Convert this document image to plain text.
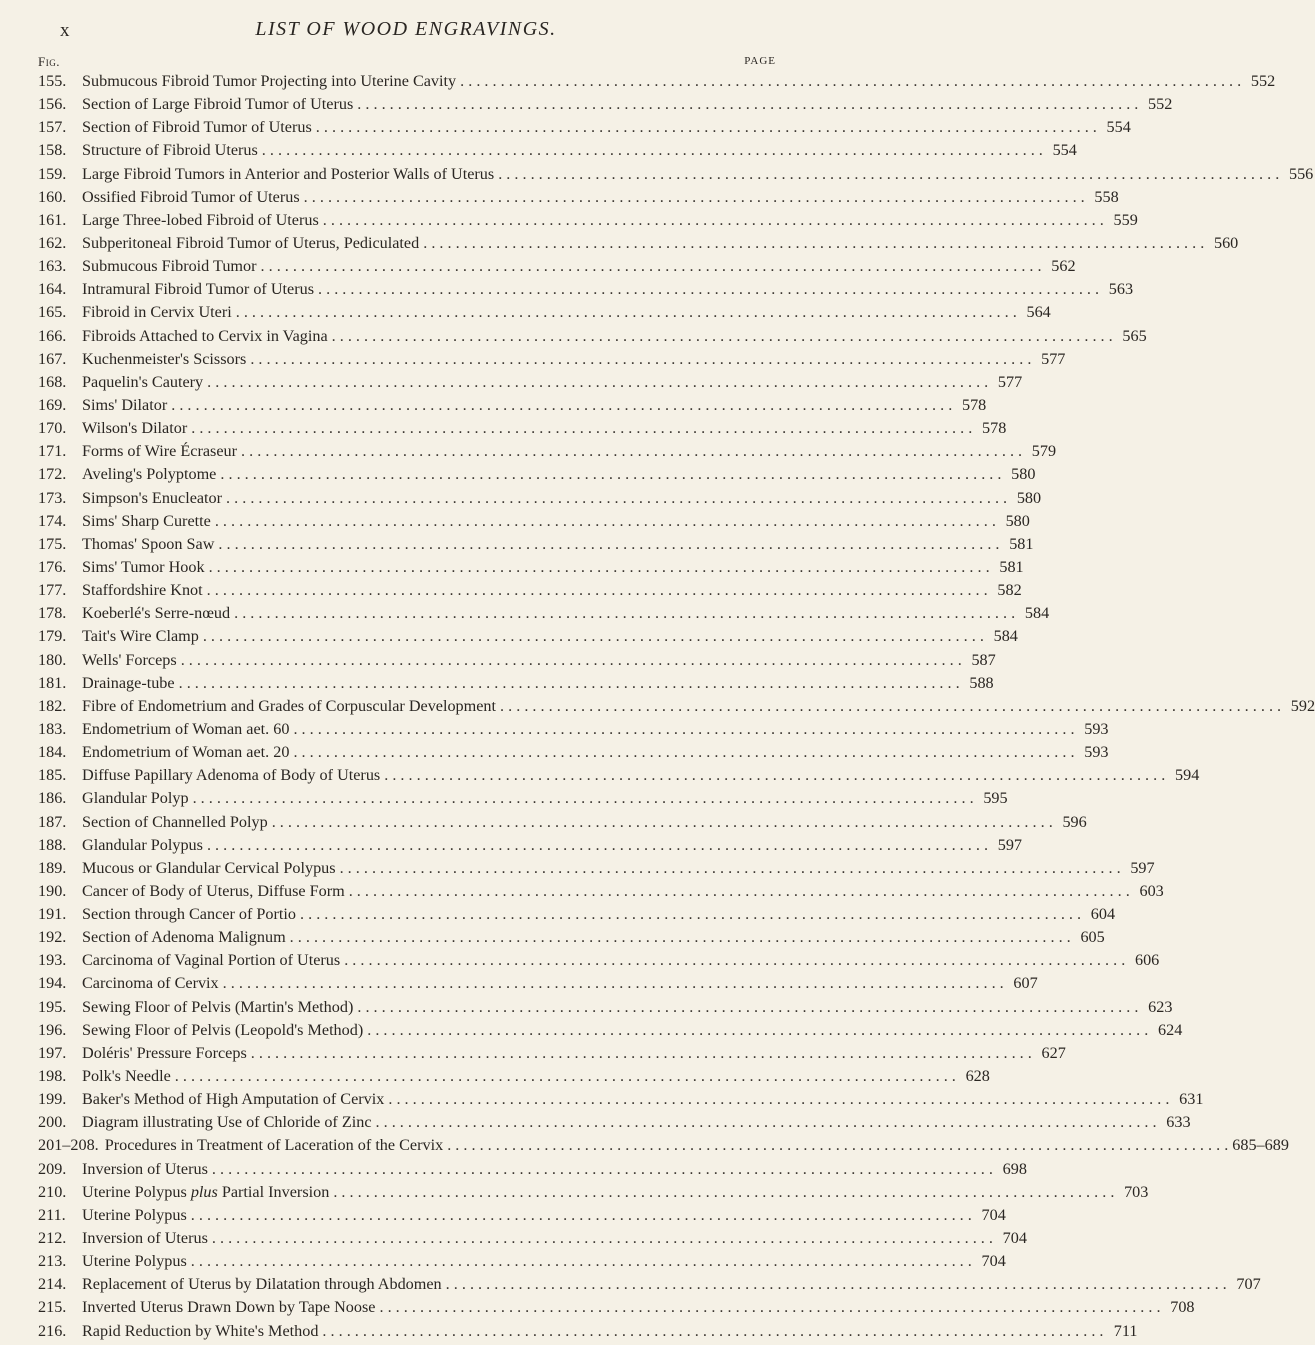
x	LIST OF WOOD ENGRAVINGS.
Fig.	PAGE
155. Submucous Fibroid Tumor Projecting into Uterine Cavity . . .	552
156. Section of Large Fibroid Tumor of Uterus . . .	552
157. Section of Fibroid Tumor of Uterus . . .	554
158. Structure of Fibroid Uterus . . .	554
159. Large Fibroid Tumors in Anterior and Posterior Walls of Uterus . . .	556
160. Ossified Fibroid Tumor of Uterus . . .	558
161. Large Three-lobed Fibroid of Uterus . . .	559
162. Subperitoneal Fibroid Tumor of Uterus, Pediculated . . .	560
163. Submucous Fibroid Tumor . . .	562
164. Intramural Fibroid Tumor of Uterus . . .	563
165. Fibroid in Cervix Uteri . . .	564
166. Fibroids Attached to Cervix in Vagina . . .	565
167. Kuchenmeister's Scissors . . .	577
168. Paquelin's Cautery . . .	577
169. Sims' Dilator . . .	578
170. Wilson's Dilator . . .	578
171. Forms of Wire Écraseur . . .	579
172. Aveling's Polyptome . . .	580
173. Simpson's Enucleator . . .	580
174. Sims' Sharp Curette . . .	580
175. Thomas' Spoon Saw . . .	581
176. Sims' Tumor Hook . . .	581
177. Staffordshire Knot . . .	582
178. Koeberlé's Serre-nœud . . .	584
179. Tait's Wire Clamp . . .	584
180. Wells' Forceps . . .	587
181. Drainage-tube . . .	588
182. Fibre of Endometrium and Grades of Corpuscular Development . . .	592
183. Endometrium of Woman aet. 60 . . .	593
184. Endometrium of Woman aet. 20 . . .	593
185. Diffuse Papillary Adenoma of Body of Uterus . . .	594
186. Glandular Polyp . . .	595
187. Section of Channelled Polyp . . .	596
188. Glandular Polypus . . .	597
189. Mucous or Glandular Cervical Polypus . . .	597
190. Cancer of Body of Uterus, Diffuse Form . . .	603
191. Section through Cancer of Portio . . .	604
192. Section of Adenoma Malignum . . .	605
193. Carcinoma of Vaginal Portion of Uterus . . .	606
194. Carcinoma of Cervix . . .	607
195. Sewing Floor of Pelvis (Martin's Method) . . .	623
196. Sewing Floor of Pelvis (Leopold's Method) . . .	624
197. Doléris' Pressure Forceps . . .	627
198. Polk's Needle . . .	628
199. Baker's Method of High Amputation of Cervix . . .	631
200. Diagram illustrating Use of Chloride of Zinc . . .	633
201–208. Procedures in Treatment of Laceration of the Cervix . . .	685–689
209. Inversion of Uterus . . .	698
210. Uterine Polypus plus Partial Inversion . . .	703
211.	Uterine Polypus . . .	704
212. Inversion of Uterus . . .	704
213. Uterine Polypus . . .	704
214. Replacement of Uterus by Dilatation through Abdomen . . .	707
215. Inverted Uterus Drawn Down by Tape Noose . . .	708
216. Rapid Reduction by White's Method . . .	711
